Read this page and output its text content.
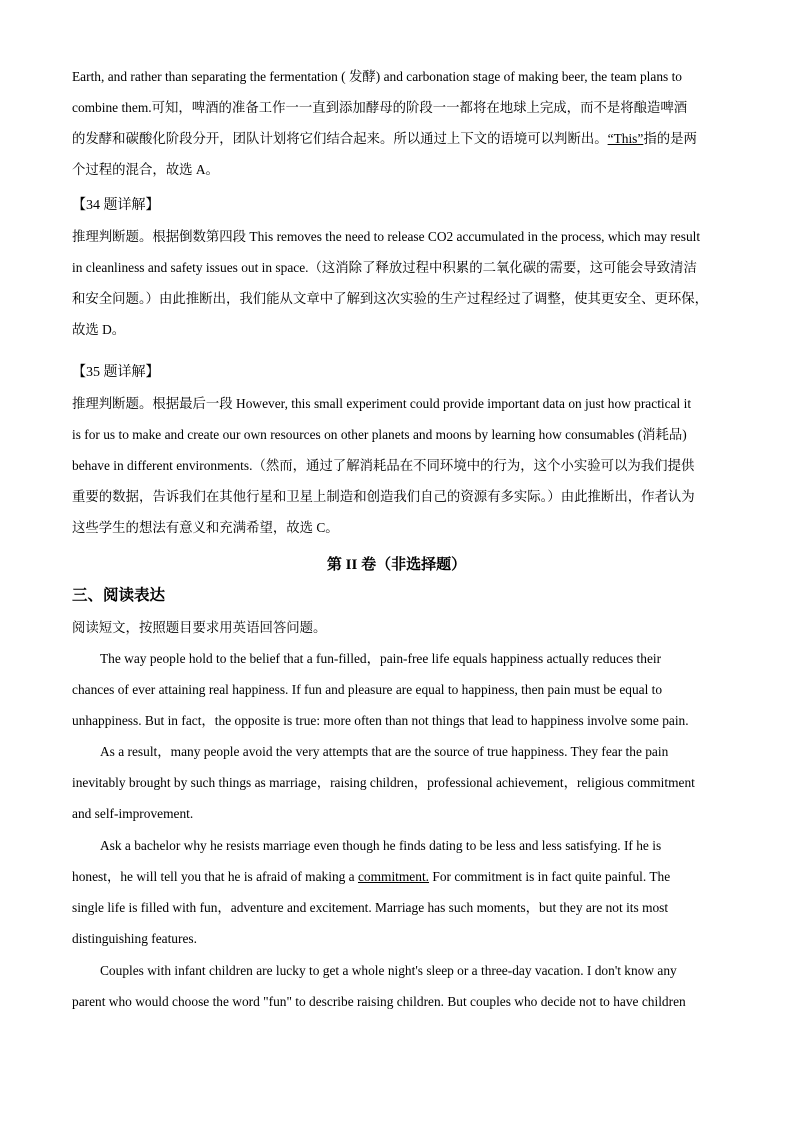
Earth, and rather than separating the fermentation ( 发酵) and carbonation stage of making beer, the team plans to
combine them.可知，啤酒的准备工作一一直到添加酵母的阶段一一都将在地球上完成，而不是将酿造啤酒
的发酵和碳酸化阶段分开，团队计划将它们结合起来。所以通过上下文的语境可以判断出。“This”指的是两
个过程的混合，故选 A。
【34 题详解】
推理判断题。根据倒数第四段 This removes the need to release CO2 accumulated in the process, which may result
in cleanliness and safety issues out in space.（这消除了释放过程中积累的二氧化碳的需要，这可能会导致清洁
和安全问题。）由此推断出，我们能从文章中了解到这次实验的生产过程经过了调整，使其更安全、更环保，
故选 D。
【35 题详解】
推理判断题。根据最后一段 However, this small experiment could provide important data on just how practical it
is for us to make and create our own resources on other planets and moons by learning how consumables (消耗品)
behave in different environments.（然而，通过了解消耗品在不同环境中的行为，这个小实验可以为我们提供
重要的数据，告诉我们在其他行星和卫星上制造和创造我们自己的资源有多实际。）由此推断出，作者认为
这些学生的想法有意义和充满希望，故选 C。
第 II 卷（非选择题）
三、阅读表达
阅读短文，按照题目要求用英语回答问题。
The way people hold to the belief that a fun-filled，pain-free life equals happiness actually reduces their
chances of ever attaining real happiness. If fun and pleasure are equal to happiness, then pain must be equal to
unhappiness. But in fact，the opposite is true: more often than not things that lead to happiness involve some pain.
As a result，many people avoid the very attempts that are the source of true happiness. They fear the pain
inevitably brought by such things as marriage，raising children，professional achievement，religious commitment
and self-improvement.
Ask a bachelor why he resists marriage even though he finds dating to be less and less satisfying. If he is
honest，he will tell you that he is afraid of making a commitment. For commitment is in fact quite painful. The
single life is filled with fun，adventure and excitement. Marriage has such moments，but they are not its most
distinguishing features.
Couples with infant children are lucky to get a whole night's sleep or a three-day vacation. I don't know any
parent who would choose the word "fun" to describe raising children. But couples who decide not to have children
